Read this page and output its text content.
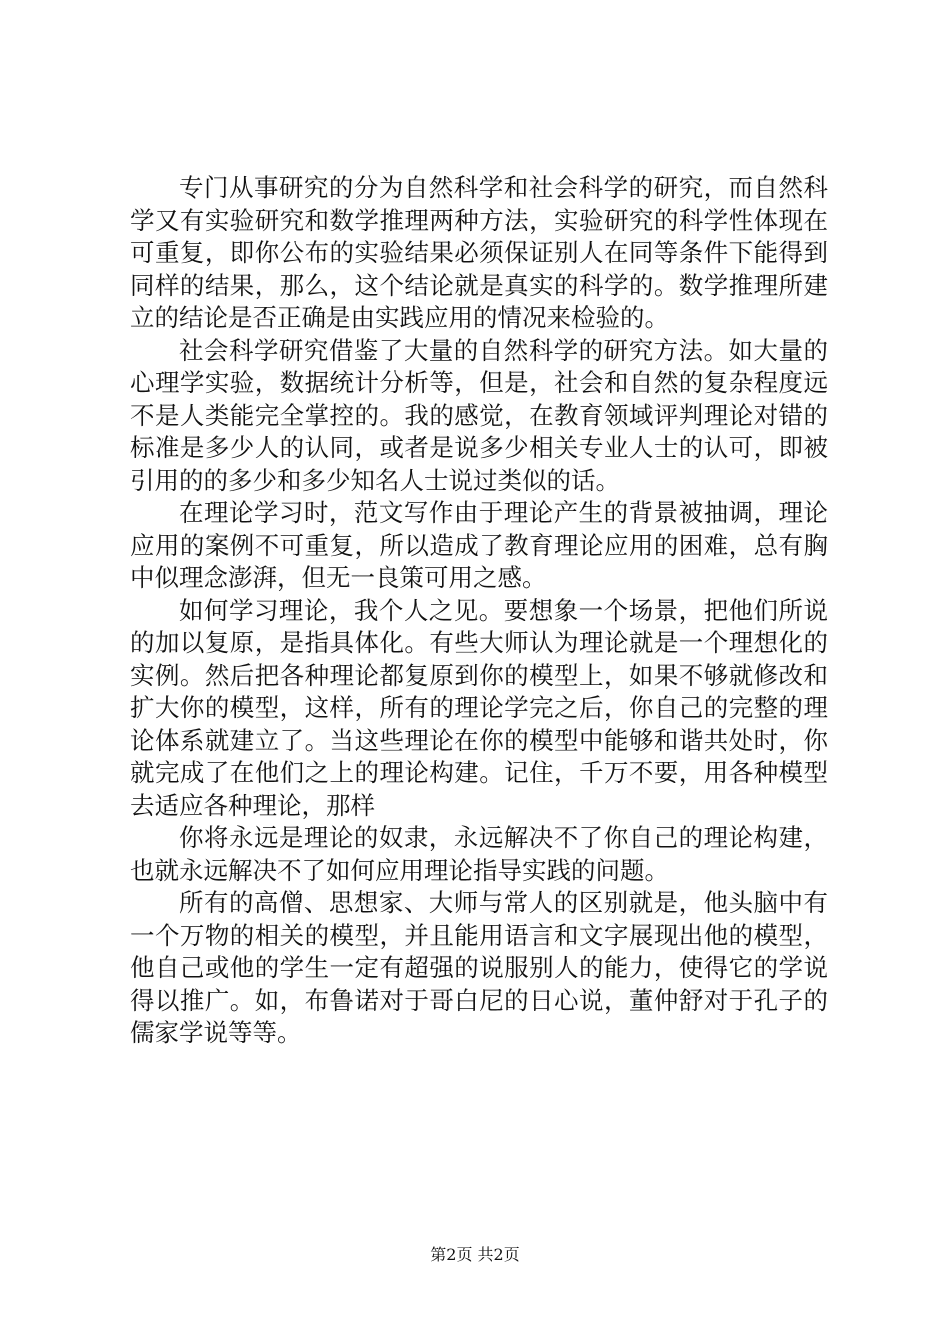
专门从事研究的分为自然科学和社会科学的研究，而自然科学又有实验研究和数学推理两种方法，实验研究的科学性体现在可重复，即你公布的实验结果必须保证别人在同等条件下能得到同样的结果，那么，这个结论就是真实的科学的。数学推理所建立的结论是否正确是由实践应用的情况来检验的。

社会科学研究借鉴了大量的自然科学的研究方法。如大量的心理学实验，数据统计分析等，但是，社会和自然的复杂程度远不是人类能完全掌控的。我的感觉，在教育领域评判理论对错的标准是多少人的认同，或者是说多少相关专业人士的认可，即被引用的的多少和多少知名人士说过类似的话。

在理论学习时，范文写作由于理论产生的背景被抽调，理论应用的案例不可重复，所以造成了教育理论应用的困难，总有胸中似理念澎湃，但无一良策可用之感。

如何学习理论，我个人之见。要想象一个场景，把他们所说的加以复原，是指具体化。有些大师认为理论就是一个理想化的实例。然后把各种理论都复原到你的模型上，如果不够就修改和扩大你的模型，这样，所有的理论学完之后，你自己的完整的理论体系就建立了。当这些理论在你的模型中能够和谐共处时，你就完成了在他们之上的理论构建。记住，千万不要，用各种模型去适应各种理论，那样

你将永远是理论的奴隶，永远解决不了你自己的理论构建，也就永远解决不了如何应用理论指导实践的问题。

所有的高僧、思想家、大师与常人的区别就是，他头脑中有一个万物的相关的模型，并且能用语言和文字展现出他的模型，他自己或他的学生一定有超强的说服别人的能力，使得它的学说得以推广。如，布鲁诺对于哥白尼的日心说，董仲舒对于孔子的儒家学说等等。

第2页 共2页
